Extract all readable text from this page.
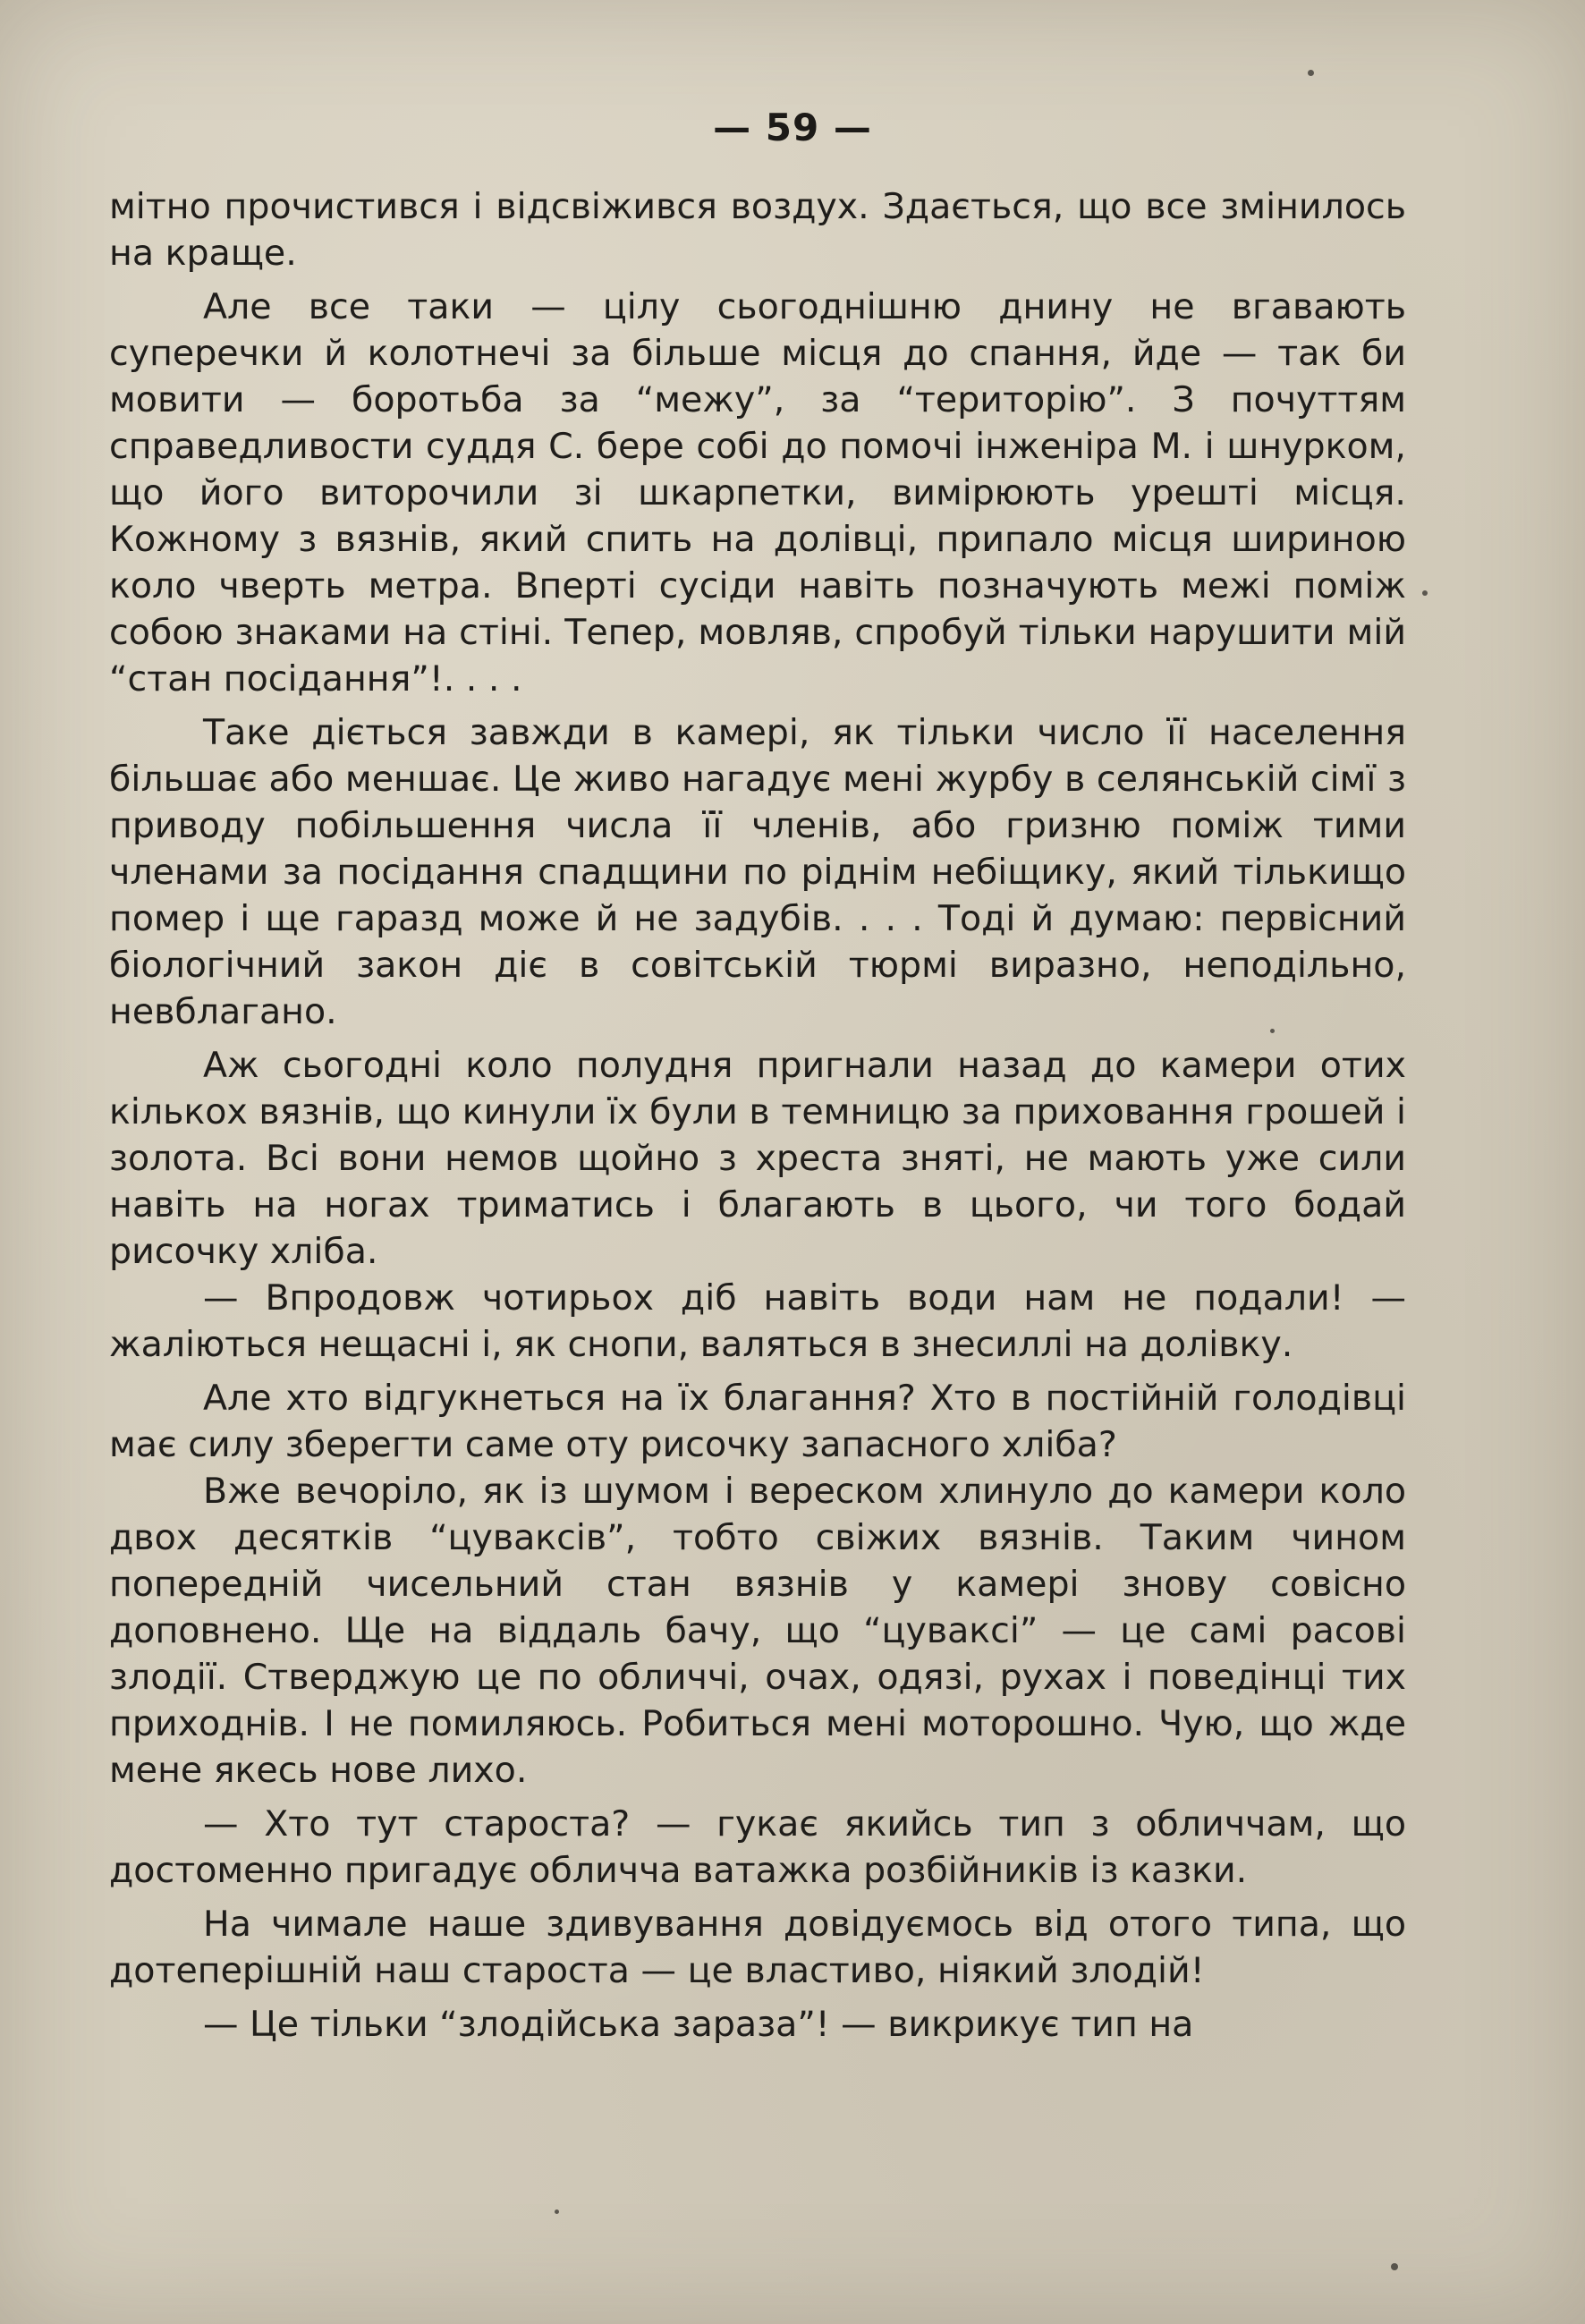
— 59 —

мітно прочистився і відсвіжився воздух. Здається, що все змінилось на краще.

Але все таки — цілу сьогоднішню днину не вгавають суперечки й колотнечі за більше місця до спання, йде — так би мовити — боротьба за “межу”, за “територію”. З почуттям справедливости суддя С. бере собі до помочі інженіра М. і шнурком, що його виторочили зі шкарпетки, вимірюють урешті місця. Кожному з вязнів, який спить на долівці, припало місця шириною коло чверть метра. Вперті сусіди навіть позначують межі поміж собою знаками на стіні. Тепер, мовляв, спробуй тільки нарушити мій “стан посідання”!. . . .

Таке діється завжди в камері, як тільки число її населення більшає або меншає. Це живо нагадує мені журбу в селянській сімї з приводу побільшення числа її членів, або гризню поміж тими членами за посідання спадщини по ріднім небіщику, який тількищо помер і ще гаразд може й не задубів. . . . Тоді й думаю: первісний біологічний закон діє в совітській тюрмі виразно, неподільно, невблагано.

Аж сьогодні коло полудня пригнали назад до камери отих кількох вязнів, що кинули їх були в темницю за приховання грошей і золота. Всі вони немов щойно з хреста зняті, не мають уже сили навіть на ногах триматись і благають в цього, чи того бодай рисочку хліба.

— Впродовж чотирьох діб навіть води нам не подали! — жаліються нещасні і, як снопи, валяться в знесиллі на долівку.

Але хто відгукнеться на їх благання? Хто в постійній голодівці має силу зберегти саме оту рисочку запасного хліба?

Вже вечоріло, як із шумом і вереском хлинуло до камери коло двох десятків “цуваксів”, тобто свіжих вязнів. Таким чином попередній чисельний стан вязнів у камері знову совісно доповнено. Ще на віддаль бачу, що “цуваксі” — це самі расові злодії. Стверджую це по обличчі, очах, одязі, рухах і поведінці тих приходнів. І не помиляюсь. Робиться мені моторошно. Чую, що жде мене якесь нове лихо.

— Хто тут староста? — гукає якийсь тип з обличчам, що достоменно пригадує обличча ватажка розбійників із казки.

На чимале наше здивування довідуємось від отого типа, що дотеперішній наш староста — це властиво, ніякий злодій!

— Це тільки “злодійська зараза”! — викрикує тип на
